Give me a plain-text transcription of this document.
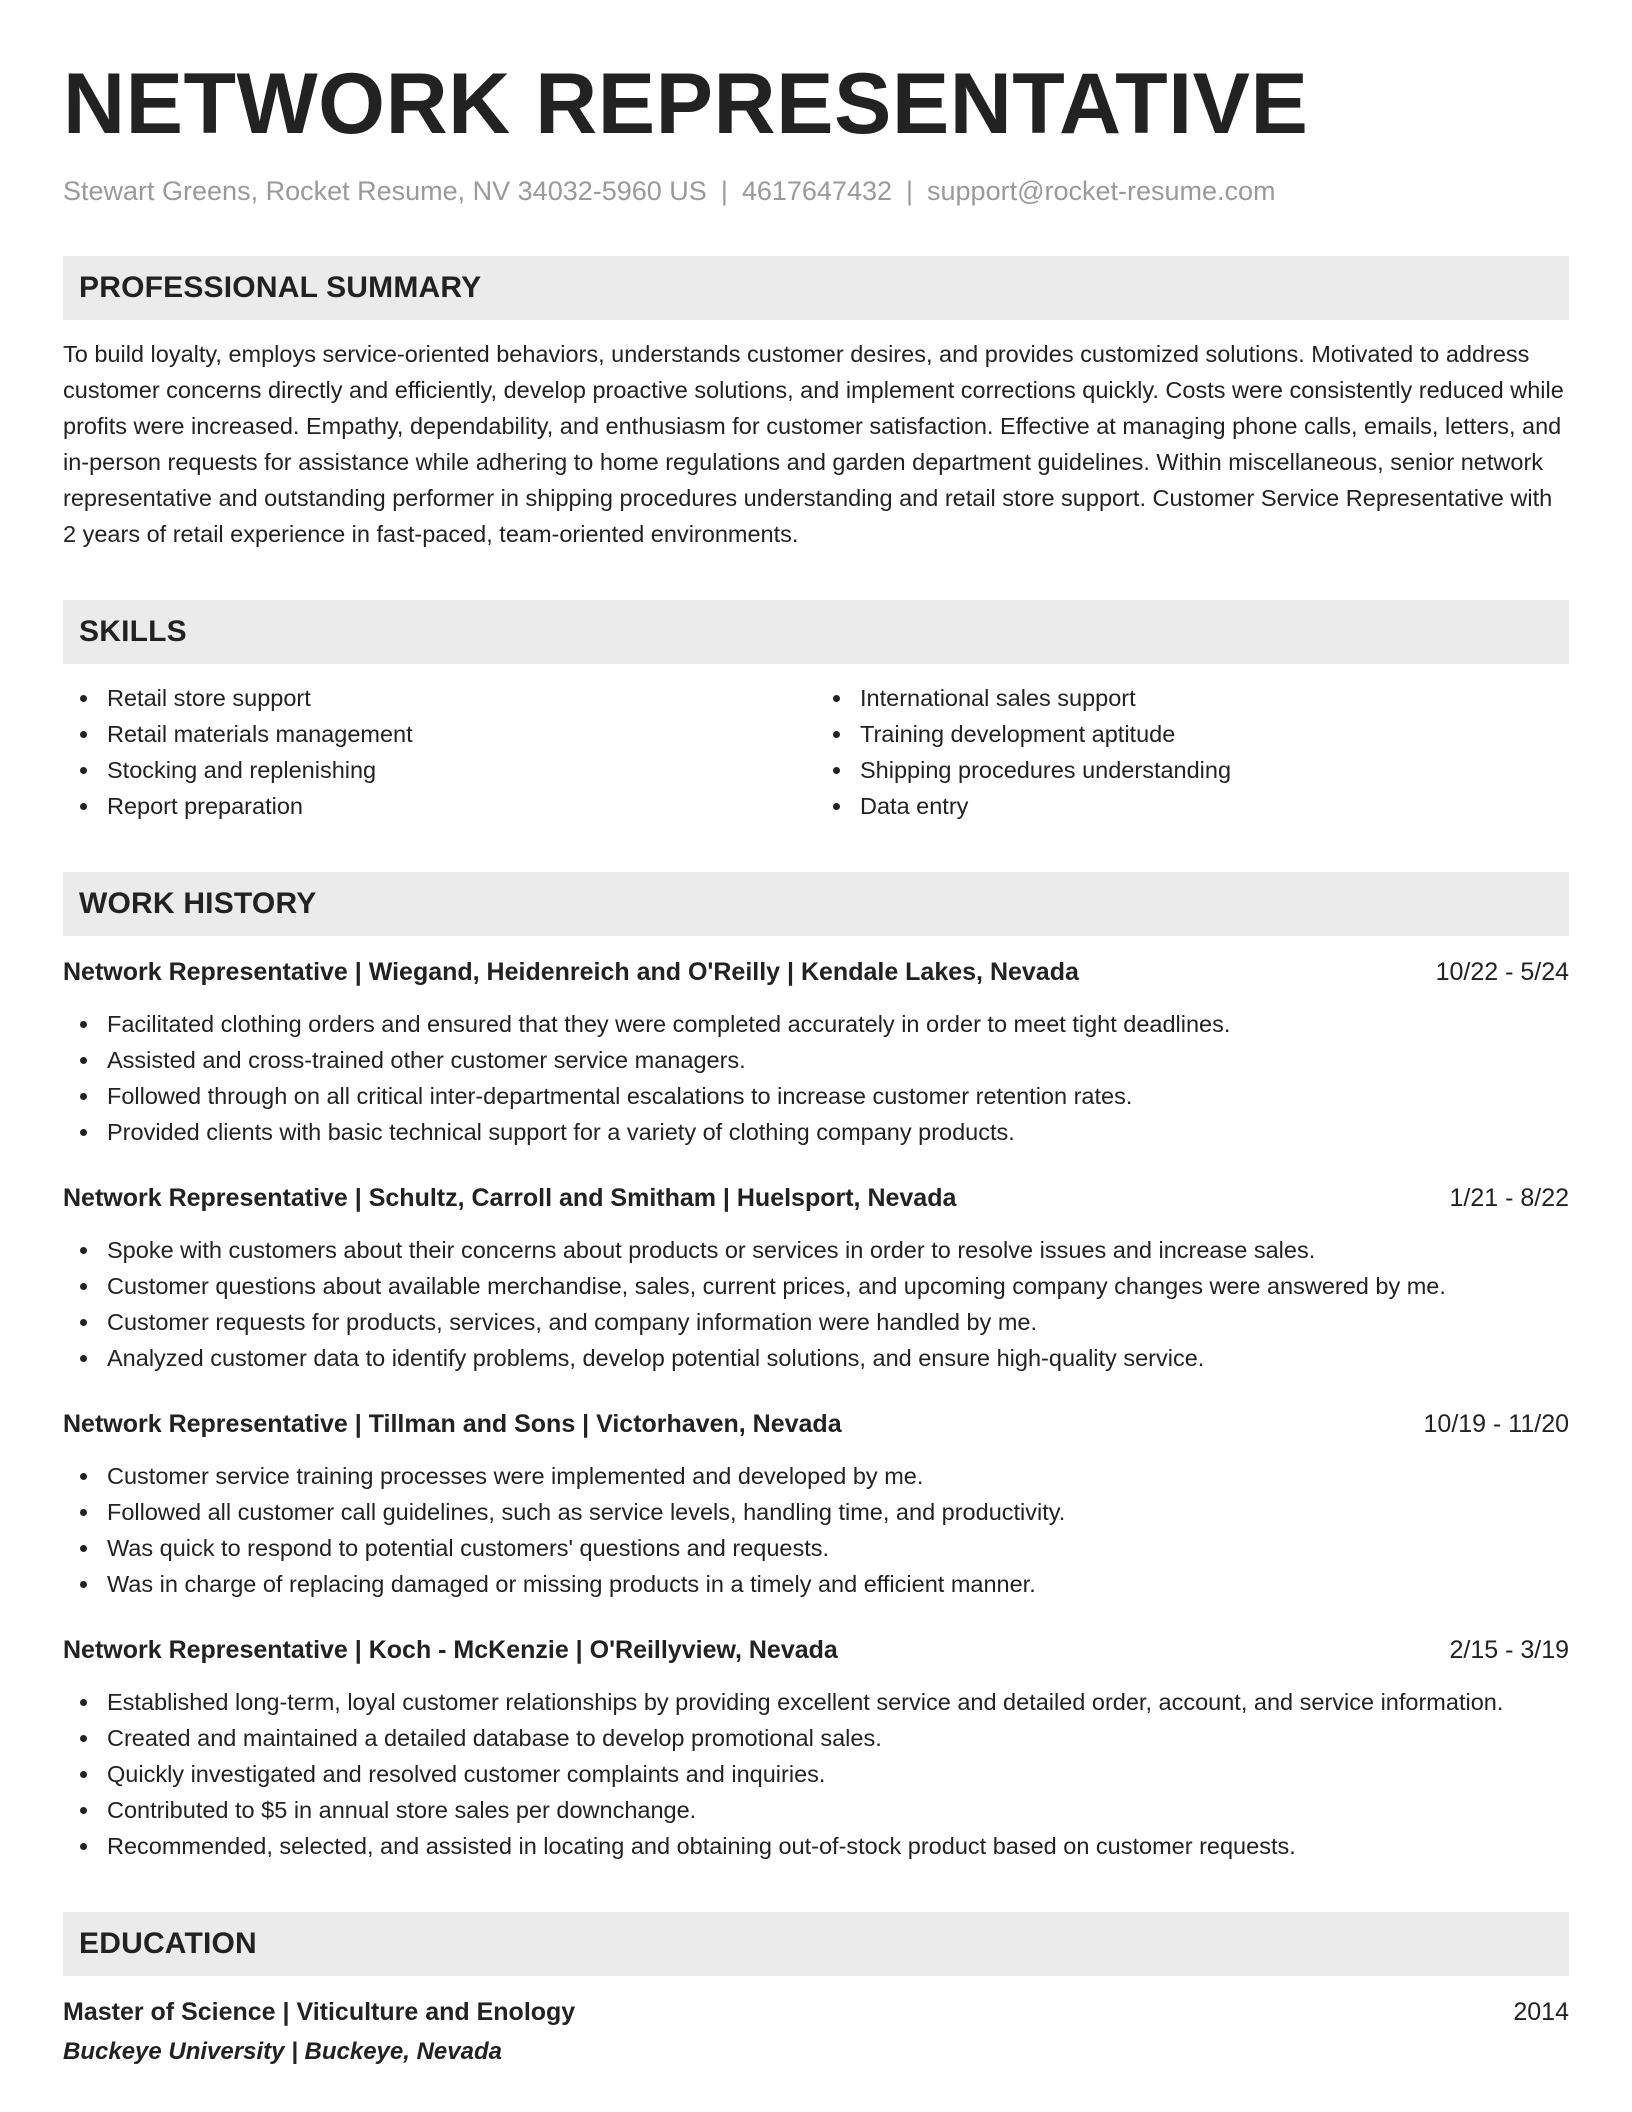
NETWORK REPRESENTATIVE
Stewart Greens, Rocket Resume, NV 34032-5960 US | 4617647432 | support@rocket-resume.com
PROFESSIONAL SUMMARY
To build loyalty, employs service-oriented behaviors, understands customer desires, and provides customized solutions. Motivated to address customer concerns directly and efficiently, develop proactive solutions, and implement corrections quickly. Costs were consistently reduced while profits were increased. Empathy, dependability, and enthusiasm for customer satisfaction. Effective at managing phone calls, emails, letters, and in-person requests for assistance while adhering to home regulations and garden department guidelines. Within miscellaneous, senior network representative and outstanding performer in shipping procedures understanding and retail store support. Customer Service Representative with 2 years of retail experience in fast-paced, team-oriented environments.
SKILLS
Retail store support
Retail materials management
Stocking and replenishing
Report preparation
International sales support
Training development aptitude
Shipping procedures understanding
Data entry
WORK HISTORY
Network Representative | Wiegand, Heidenreich and O'Reilly | Kendale Lakes, Nevada	10/22 - 5/24
Facilitated clothing orders and ensured that they were completed accurately in order to meet tight deadlines.
Assisted and cross-trained other customer service managers.
Followed through on all critical inter-departmental escalations to increase customer retention rates.
Provided clients with basic technical support for a variety of clothing company products.
Network Representative | Schultz, Carroll and Smitham | Huelsport, Nevada	1/21 - 8/22
Spoke with customers about their concerns about products or services in order to resolve issues and increase sales.
Customer questions about available merchandise, sales, current prices, and upcoming company changes were answered by me.
Customer requests for products, services, and company information were handled by me.
Analyzed customer data to identify problems, develop potential solutions, and ensure high-quality service.
Network Representative | Tillman and Sons | Victorhaven, Nevada	10/19 - 11/20
Customer service training processes were implemented and developed by me.
Followed all customer call guidelines, such as service levels, handling time, and productivity.
Was quick to respond to potential customers' questions and requests.
Was in charge of replacing damaged or missing products in a timely and efficient manner.
Network Representative | Koch - McKenzie | O'Reillyview, Nevada	2/15 - 3/19
Established long-term, loyal customer relationships by providing excellent service and detailed order, account, and service information.
Created and maintained a detailed database to develop promotional sales.
Quickly investigated and resolved customer complaints and inquiries.
Contributed to $5 in annual store sales per downchange.
Recommended, selected, and assisted in locating and obtaining out-of-stock product based on customer requests.
EDUCATION
Master of Science | Viticulture and Enology	2014
Buckeye University | Buckeye, Nevada
